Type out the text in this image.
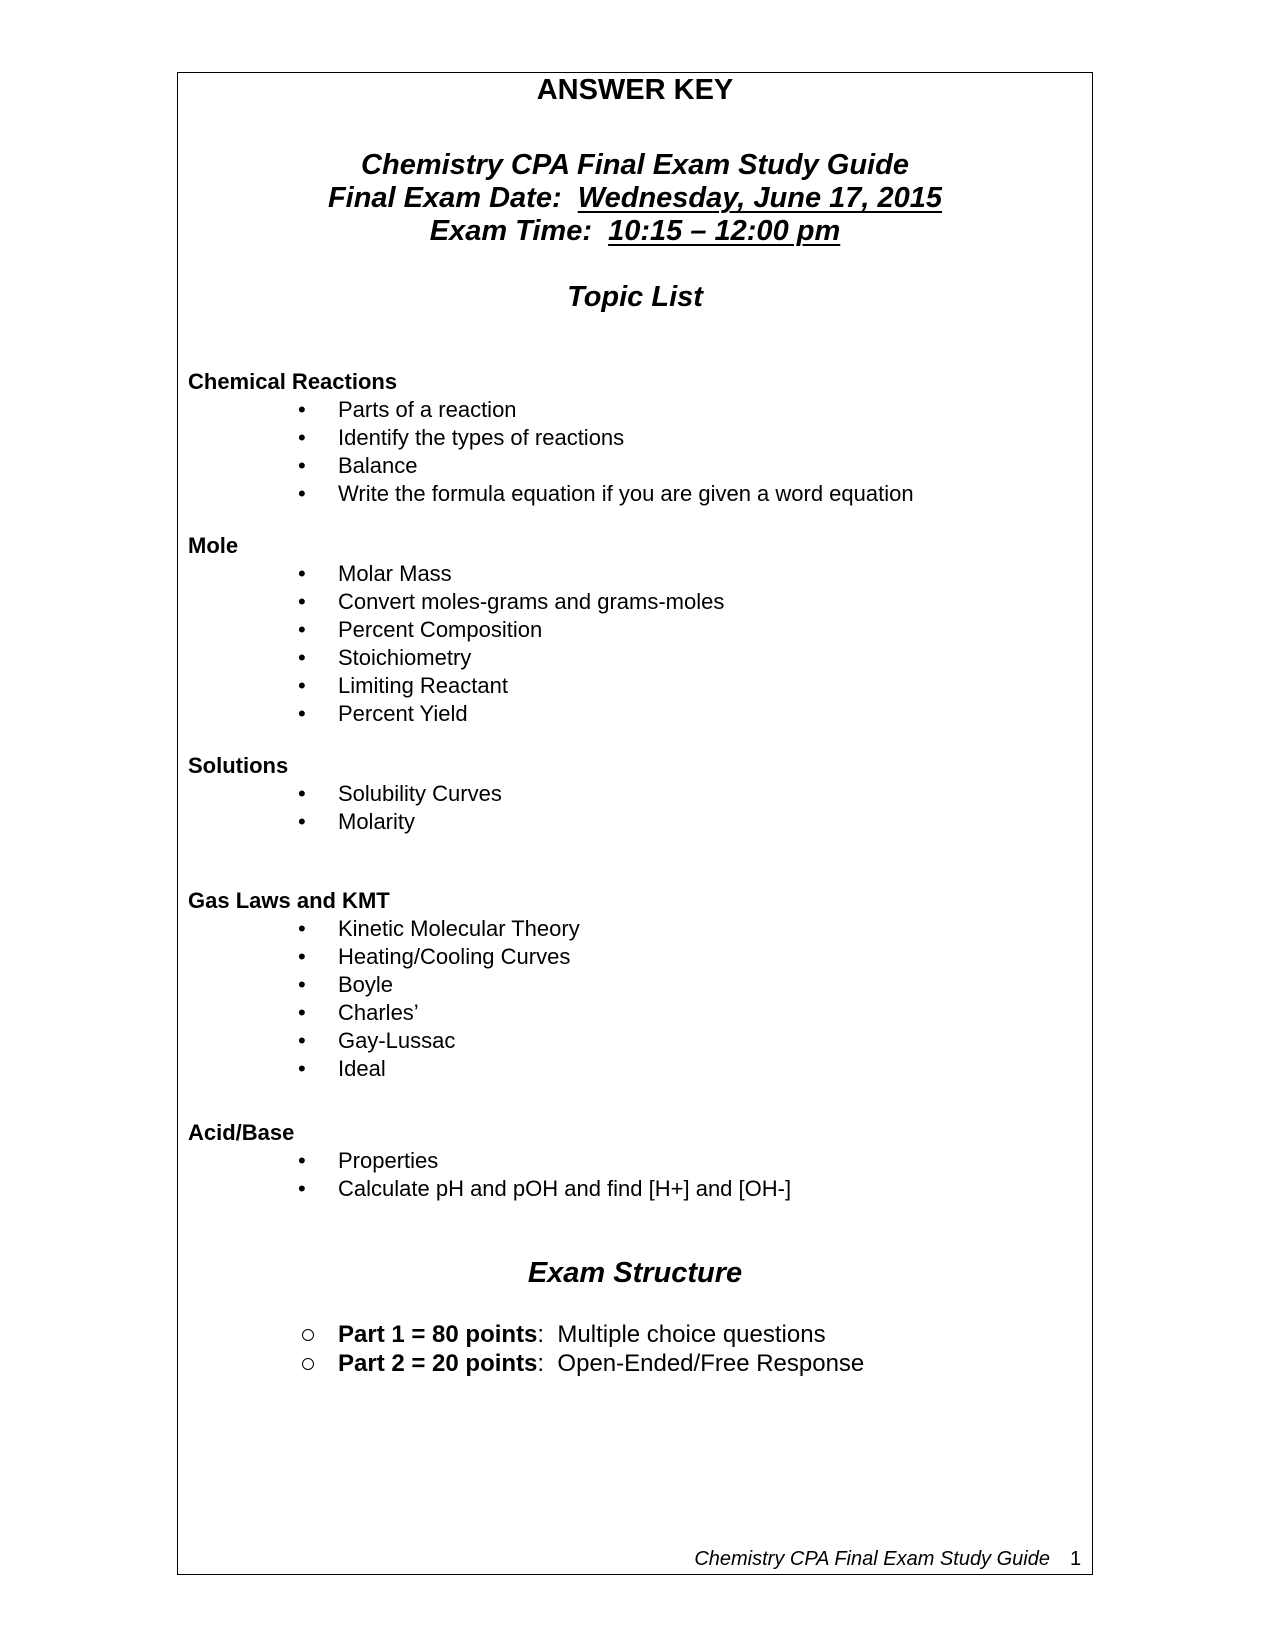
ANSWER KEY
Chemistry CPA Final Exam Study Guide
Final Exam Date: Wednesday, June 17, 2015
Exam Time: 10:15 – 12:00 pm
Topic List
Chemical Reactions
• Parts of a reaction
• Identify the types of reactions
• Balance
• Write the formula equation if you are given a word equation
Mole
• Molar Mass
• Convert moles-grams and grams-moles
• Percent Composition
• Stoichiometry
• Limiting Reactant
• Percent Yield
Solutions
• Solubility Curves
• Molarity
Gas Laws and KMT
• Kinetic Molecular Theory
• Heating/Cooling Curves
• Boyle
• Charles’
• Gay-Lussac
• Ideal
Acid/Base
• Properties
• Calculate pH and pOH and find [H+] and [OH-]
Exam Structure
Part 1 = 80 points:  Multiple choice questions
Part 2 = 20 points:  Open-Ended/Free Response
Chemistry CPA Final Exam Study Guide 1
